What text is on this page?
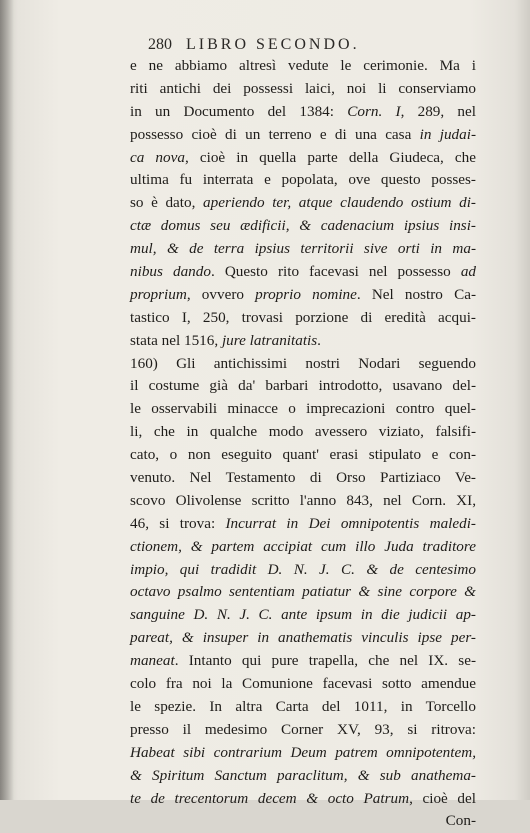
280 LIBRO SECONDO.
e ne abbiamo altresì vedute le cerimonie. Ma i
riti antichi dei possessi laici, noi li conserviamo
in un Documento del 1384: Corn. I, 289, nel
possesso cioè di un terreno e di una casa in judai-
ca nova, cioè in quella parte della Giudeca, che
ultima fu interrata e popolata, ove questo posses-
so è dato, aperiendo ter, atque claudendo ostium di-
ctæ domus seu ædificii, & cadenacium ipsius insi-
mul, & de terra ipsius territorii sive orti in ma-
nibus dando. Questo rito facevasi nel possesso ad
proprium, ovvero proprio nomine. Nel nostro Ca-
tastico I, 250, trovasi porzione di eredità acqui-
stata nel 1516, jure latranitatis.
160) Gli antichissimi nostri Nodari seguendo
il costume già da' barbari introdotto, usavano del-
le osservabili minacce o imprecazioni contro quel-
li, che in qualche modo avessero viziato, falsifi-
cato, o non eseguito quant' erasi stipulato e con-
venuto. Nel Testamento di Orso Partiziaco Ve-
scovo Olivolense scritto l'anno 843, nel Corn. XI,
46, si trova: Incurrat in Dei omnipotentis maledi-
ctionem, & partem accipiat cum illo Juda traditore
impio, qui tradidit D. N. J. C. & de centesimo
octavo psalmo sententiam patiatur & sine corpore &
sanguine D. N. J. C. ante ipsum in die judicii ap-
pareat, & insuper in anathematis vinculis ipse per-
maneat. Intanto qui pure trapella, che nel IX. se-
colo fra noi la Comunione facevasi sotto amendue
le spezie. In altra Carta del 1011, in Torcello
presso il medesimo Corner XV, 93, si ritrova:
Habeat sibi contrarium Deum patrem omnipotentem,
& Spiritum Sanctum paraclitum, & sub anathema-
te de trecentorum decem & octo Patrum, cioè del
Con-
